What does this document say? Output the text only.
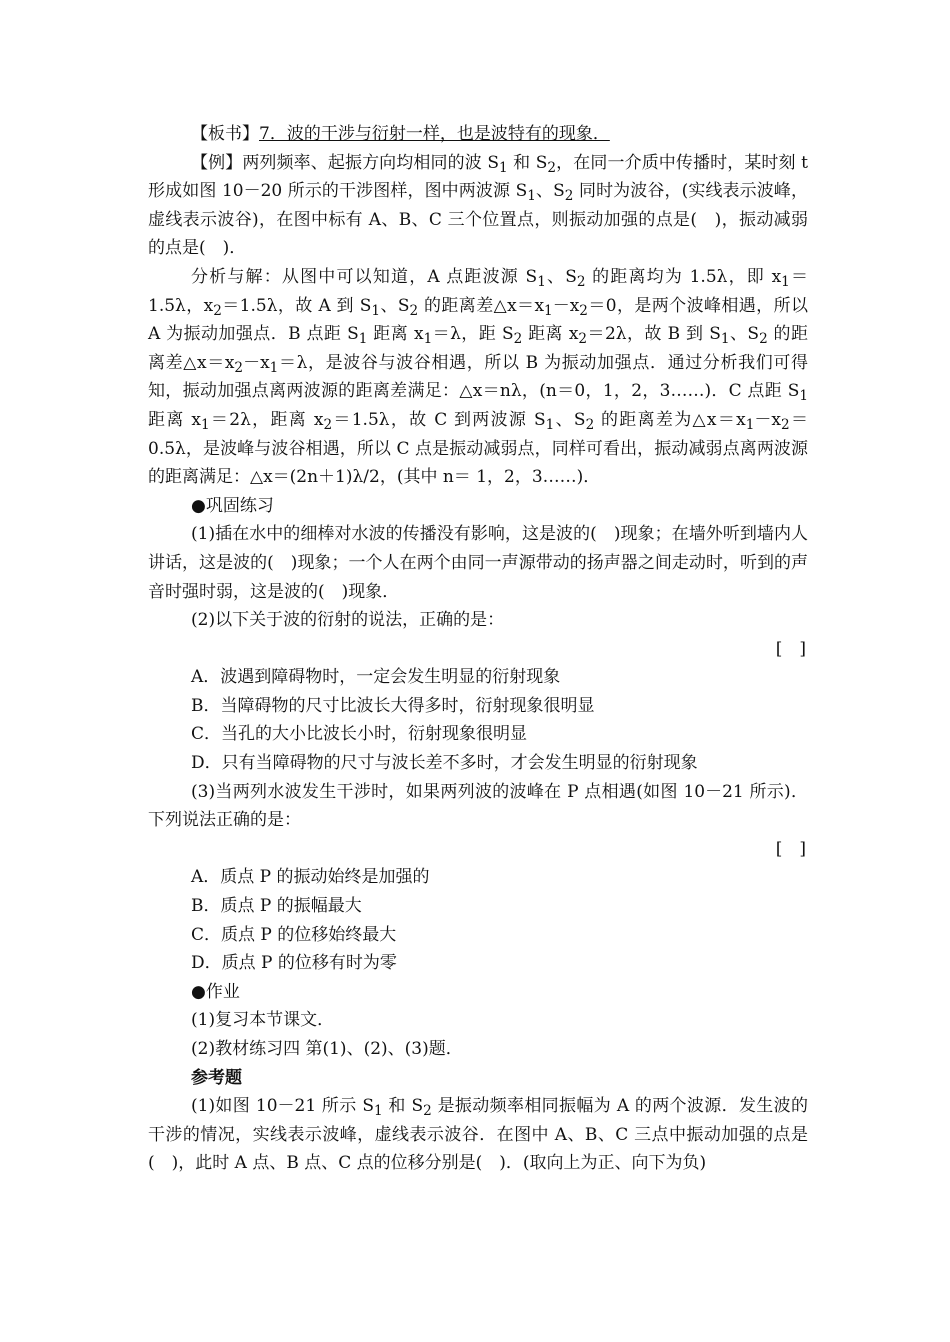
【板书】7．波的干涉与衍射一样，也是波特有的现象．

【例】两列频率、起振方向均相同的波 $S_1$ 和 $S_2$，在同一介质中传播时，某时刻 t 形成如图 10－20 所示的干涉图样，图中两波源 $S_1$、$S_2$ 同时为波谷，(实线表示波峰，虚线表示波谷)，在图中标有 A、B、C 三个位置点，则振动加强的点是(　)，振动减弱的点是(　)．

分析与解：从图中可以知道，A 点距波源 $S_1$、$S_2$ 的距离均为 1.5λ，即 $x_1=1.5\lambda$，$x_2=1.5\lambda$，故 A 到 $S_1$、$S_2$ 的距离差$\triangle x=x_1-x_2=0$，是两个波峰相遇，所以 A 为振动加强点．B 点距 $S_1$ 距离 $x_1=\lambda$，距 $S_2$ 距离 $x_2=2\lambda$，故 B 到 $S_1$、$S_2$ 的距离差$\triangle x=x_2-x_1=\lambda$，是波谷与波谷相遇，所以 B 为振动加强点．通过分析我们可得知，振动加强点离两波源的距离差满足：△x＝nλ，(n＝0，1，2，3……)．C 点距 $S_1$ 距离 $x_1=2\lambda$，距离 $x_2=1.5\lambda$，故 C 到两波源 $S_1$、$S_2$ 的距离差为$\triangle x=x_1-x_2=0.5\lambda$，是波峰与波谷相遇，所以 C 点是振动减弱点，同样可看出，振动减弱点离两波源的距离满足：△x＝(2n＋1)λ/2，(其中 n＝ 1，2，3……)．

●巩固练习

(1)插在水中的细棒对水波的传播没有影响，这是波的(　)现象；在墙外听到墙内人讲话，这是波的(　)现象；一个人在两个由同一声源带动的扬声器之间走动时，听到的声音时强时弱，这是波的(　)现象．

(2)以下关于波的衍射的说法，正确的是：

[　]

A．波遇到障碍物时，一定会发生明显的衍射现象

B．当障碍物的尺寸比波长大得多时，衍射现象很明显

C．当孔的大小比波长小时，衍射现象很明显

D．只有当障碍物的尺寸与波长差不多时，才会发生明显的衍射现象

(3)当两列水波发生干涉时，如果两列波的波峰在 P 点相遇(如图 10－21 所示)．下列说法正确的是：

[　]

A．质点 P 的振动始终是加强的

B．质点 P 的振幅最大

C．质点 P 的位移始终最大

D．质点 P 的位移有时为零

●作业

(1)复习本节课文．

(2)教材练习四 第(1)、(2)、(3)题．

参考题

(1)如图 10－21 所示 $S_1$ 和 $S_2$ 是振动频率相同振幅为 A 的两个波源．发生波的干涉的情况，实线表示波峰，虚线表示波谷．在图中 A、B、C 三点中振动加强的点是(　)，此时 A 点、B 点、C 点的位移分别是(　)．(取向上为正、向下为负)
